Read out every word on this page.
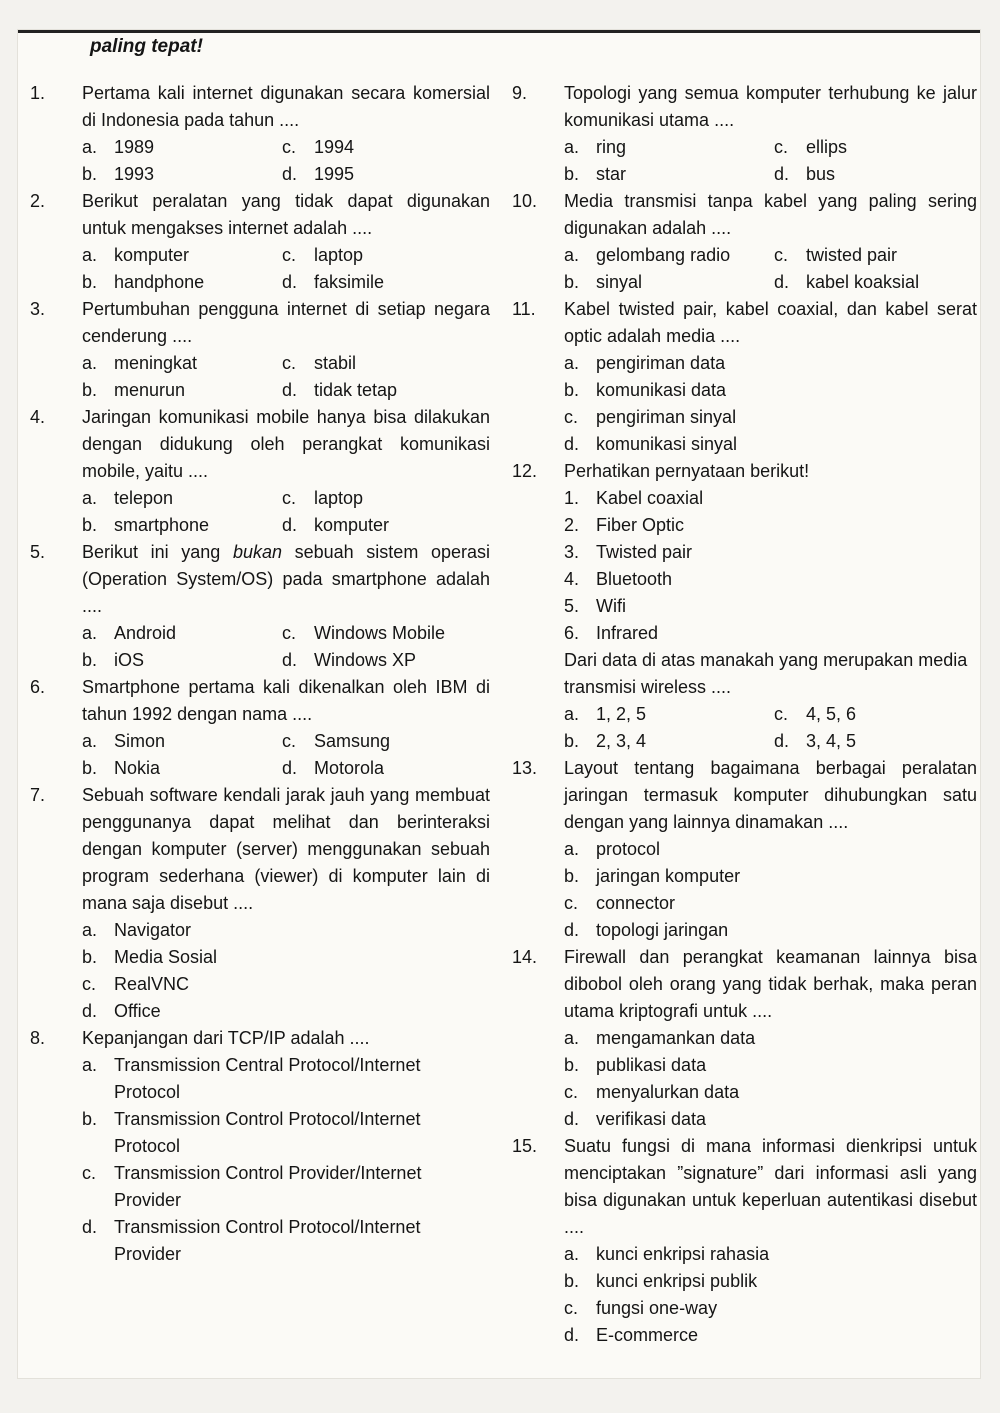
paling tepat!
1.	Pertama kali internet digunakan secara komersial di Indonesia pada tahun ....
a. 1989	c. 1994
b. 1993	d. 1995
2.	Berikut peralatan yang tidak dapat digunakan untuk mengakses internet adalah ....
a. komputer	c. laptop
b. handphone	d. faksimile
3.	Pertumbuhan pengguna internet di setiap negara cenderung ....
a. meningkat	c. stabil
b. menurun	d. tidak tetap
4.	Jaringan komunikasi mobile hanya bisa dilakukan dengan didukung oleh perangkat komunikasi mobile, yaitu ....
a. telepon	c. laptop
b. smartphone	d. komputer
5.	Berikut ini yang bukan sebuah sistem operasi (Operation System/OS) pada smartphone adalah ....
a. Android	c. Windows Mobile
b. iOS	d. Windows XP
6.	Smartphone pertama kali dikenalkan oleh IBM di tahun 1992 dengan nama ....
a. Simon	c. Samsung
b. Nokia	d. Motorola
7.	Sebuah software kendali jarak jauh yang membuat penggunanya dapat melihat dan berinteraksi dengan komputer (server) menggunakan sebuah program sederhana (viewer) di komputer lain di mana saja disebut ....
a. Navigator
b. Media Sosial
c. RealVNC
d. Office
8.	Kepanjangan dari TCP/IP adalah ....
a. Transmission Central Protocol/Internet Protocol
b. Transmission Control Protocol/Internet Protocol
c. Transmission Control Provider/Internet Provider
d. Transmission Control Protocol/Internet Provider
9.	Topologi yang semua komputer terhubung ke jalur komunikasi utama ....
a. ring	c. ellips
b. star	d. bus
10.	Media transmisi tanpa kabel yang paling sering digunakan adalah ....
a. gelombang radio c. twisted pair
b. sinyal	d. kabel koaksial
11.	Kabel twisted pair, kabel coaxial, dan kabel serat optic adalah media ....
a. pengiriman data
b. komunikasi data
c. pengiriman sinyal
d. komunikasi sinyal
12.	Perhatikan pernyataan berikut!
1. Kabel coaxial
2. Fiber Optic
3. Twisted pair
4. Bluetooth
5. Wifi
6. Infrared
Dari data di atas manakah yang merupakan media transmisi wireless ....
a. 1, 2, 5	c. 4, 5, 6
b. 2, 3, 4	d. 3, 4, 5
13.	Layout tentang bagaimana berbagai peralatan jaringan termasuk komputer dihubungkan satu dengan yang lainnya dinamakan ....
a. protocol
b. jaringan komputer
c. connector
d. topologi jaringan
14.	Firewall dan perangkat keamanan lainnya bisa dibobol oleh orang yang tidak berhak, maka peran utama kriptografi untuk ....
a. mengamankan data
b. publikasi data
c. menyalurkan data
d. verifikasi data
15.	Suatu fungsi di mana informasi dienkripsi untuk menciptakan ”signature” dari informasi asli yang bisa digunakan untuk keperluan autentikasi disebut ....
a. kunci enkripsi rahasia
b. kunci enkripsi publik
c. fungsi one-way
d. E-commerce
